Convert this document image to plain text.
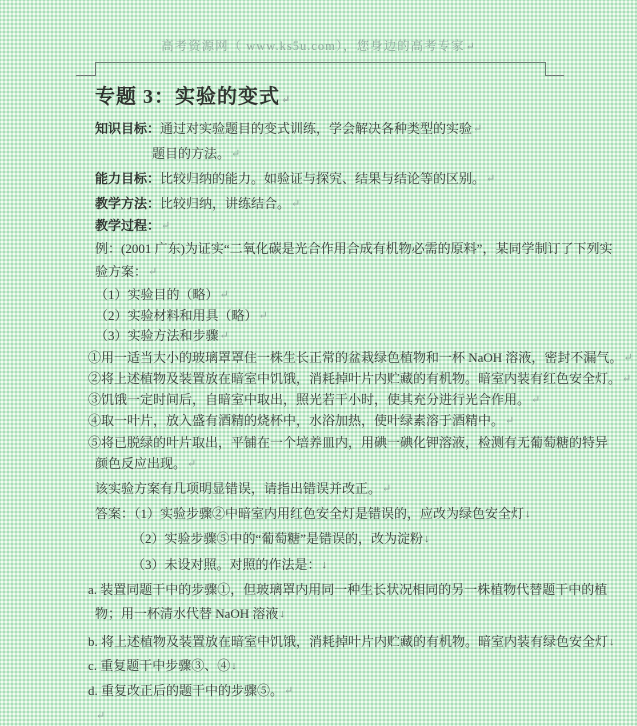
高考资源网（ www.ks5u.com），您身边的高考专家↵
专题 3：实验的变式↵
知识目标： 通过对实验题目的变式训练，学会解决各种类型的实验 ↵
题目的方法。 ↵
能力目标： 比较归纳的能力。如验证与探究、结果与结论等的区别。 ↵
教学方法： 比较归纳，讲练结合。 ↵
教学过程： ↵
例：(2001 广东)为证实“二氧化碳是光合作用合成有机物必需的原料”，某同学制订了下列实
验方案： ↵
（1）实验目的（略） ↵
（2）实验材料和用具（略） ↵
（3）实验方法和步骤 ↵
①用一适当大小的玻璃罩罩住一株生长正常的盆栽绿色植物和一杯 NaOH 溶液，密封不漏气。 ↵
②将上述植物及装置放在暗室中饥饿，消耗掉叶片内贮藏的有机物。暗室内装有红色安全灯。 ↵
③饥饿一定时间后，自暗室中取出，照光若干小时，使其充分进行光合作用。 ↵
④取一叶片，放入盛有酒精的烧杯中，水浴加热，使叶绿素溶于酒精中。 ↵
⑤将已脱绿的叶片取出，平铺在一个培养皿内，用碘一碘化钾溶液，检测有无葡萄糖的特异
颜色反应出现。 ↵
该实验方案有几项明显错误，请指出错误并改正。 ↵
答案：（1）实验步骤②中暗室内用红色安全灯是错误的，应改为绿色安全灯 ↓
（2）实验步骤⑤中的“葡萄糖”是错误的，改为淀粉 ↓
（3）未设对照。对照的作法是： ↓
a. 装置同题干中的步骤①，但玻璃罩内用同一种生长状况相同的另一株植物代替题干中的植
物；用一杯清水代替 NaOH 溶液 ↓
b. 将上述植物及装置放在暗室中饥饿，消耗掉叶片内贮藏的有机物。暗室内装有绿色安全灯 ↓
c. 重复题干中步骤③、④ ↓
d. 重复改正后的题干中的步骤⑤。 ↵
↵
